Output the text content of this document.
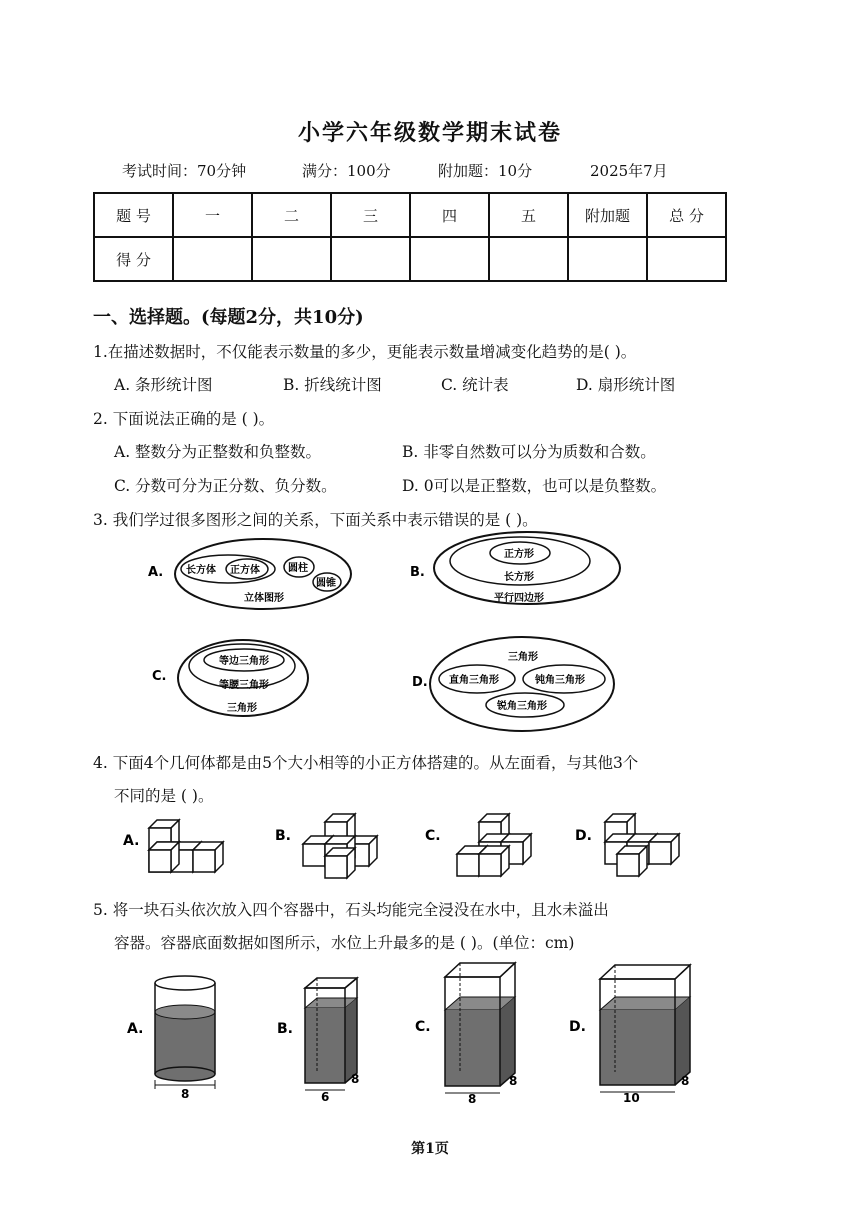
小学六年级数学期末试卷
考试时间：70分钟	满分：100分	附加题：10分	2025年7月
题 号	一	二	三	四	五	附加题	总 分
得 分							
一、选择题。(每题2分，共10分)
1.在描述数据时，不仅能表示数量的多少，更能表示数量增减变化趋势的是( )。
A. 条形统计图	B. 折线统计图	C. 统计表	D. 扇形统计图
2. 下面说法正确的是 ( )。
A. 整数分为正整数和负整数。	B. 非零自然数可以分为质数和合数。
C. 分数可分为正分数、负分数。	D. 0可以是正整数，也可以是负整数。
3. 我们学过很多图形之间的关系，下面关系中表示错误的是 ( )。
A. 长方体 正方体	圆柱
圆锥
立体图形
B.
正方形
长方形
平行四边形
C.
等边三角形
等腰三角形
三角形
D.
三角形
直角三角形	钝角三角形
锐角三角形
4. 下面4个几何体都是由5个大小相等的小正方体搭建的。从左面看，与其他3个
不同的是 ( )。
A.	B.	C.	D.
5. 将一块石头依次放入四个容器中，石头均能完全浸没在水中，且水未溢出
容器。容器底面数据如图所示，水位上升最多的是 ( )。(单位：cm)
A.
8
B.
6
8
C.
8
8
D.
10
8
第1页
